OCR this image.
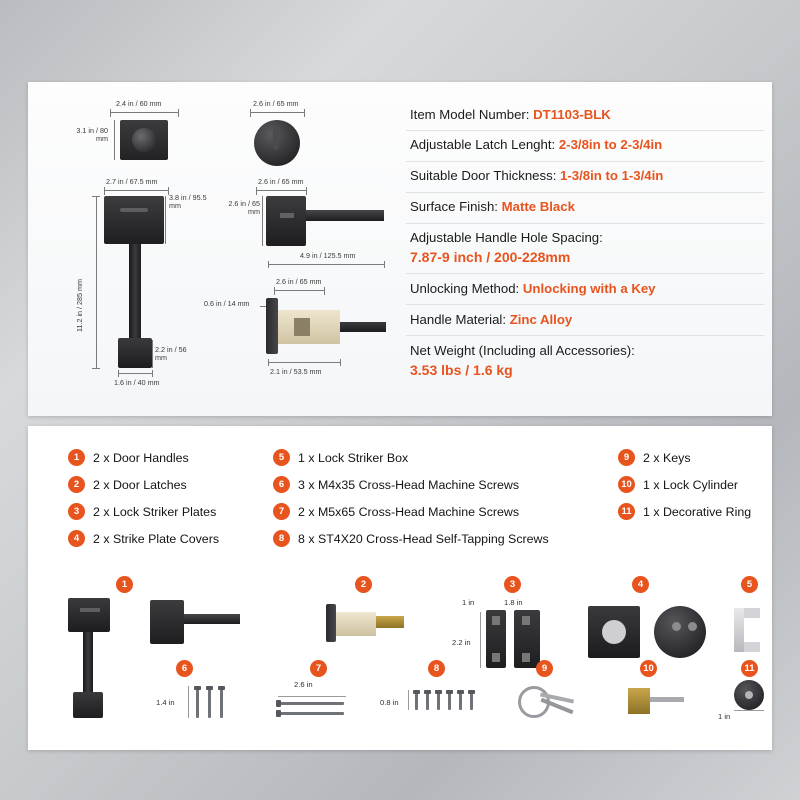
2.4 in / 60 mm
3.1 in / 80 mm
2.6 in / 65 mm
2.7 in / 67.5 mm
3.8 in / 95.5 mm
11.2 in / 285 mm
2.2 in / 56 mm
1.6 in / 40 mm
2.6 in / 65 mm
2.6 in / 65 mm
4.9 in / 125.5 mm
2.6 in / 65 mm
0.6 in / 14 mm
2.1 in / 53.5 mm
Item Model Number: DT1103-BLK
Adjustable Latch Lenght: 2-3/8in to 2-3/4in
Suitable Door Thickness: 1-3/8in to 1-3/4in
Surface Finish: Matte Black
Adjustable Handle Hole Spacing:
7.87-9 inch / 200-228mm
Unlocking Method: Unlocking with a Key
Handle Material: Zinc Alloy
Net Weight (Including all Accessories):
3.53 lbs / 1.6 kg
1	2 x Door Handles
2	2 x Door Latches
3	2 x Lock Striker Plates
4	2 x Strike Plate Covers
5	1 x Lock Striker Box
6	3 x M4x35 Cross-Head Machine Screws
7	2 x M5x65 Cross-Head Machine Screws
8	8 x ST4X20 Cross-Head Self-Tapping Screws
9	2 x Keys
10 1 x Lock Cylinder
11 1 x Decorative Ring
1	2	3
1 in	1.8 in
2.2 in
4	5
6
1.4 in
7
2.6 in
8
0.8 in
9	10	11
1 in
